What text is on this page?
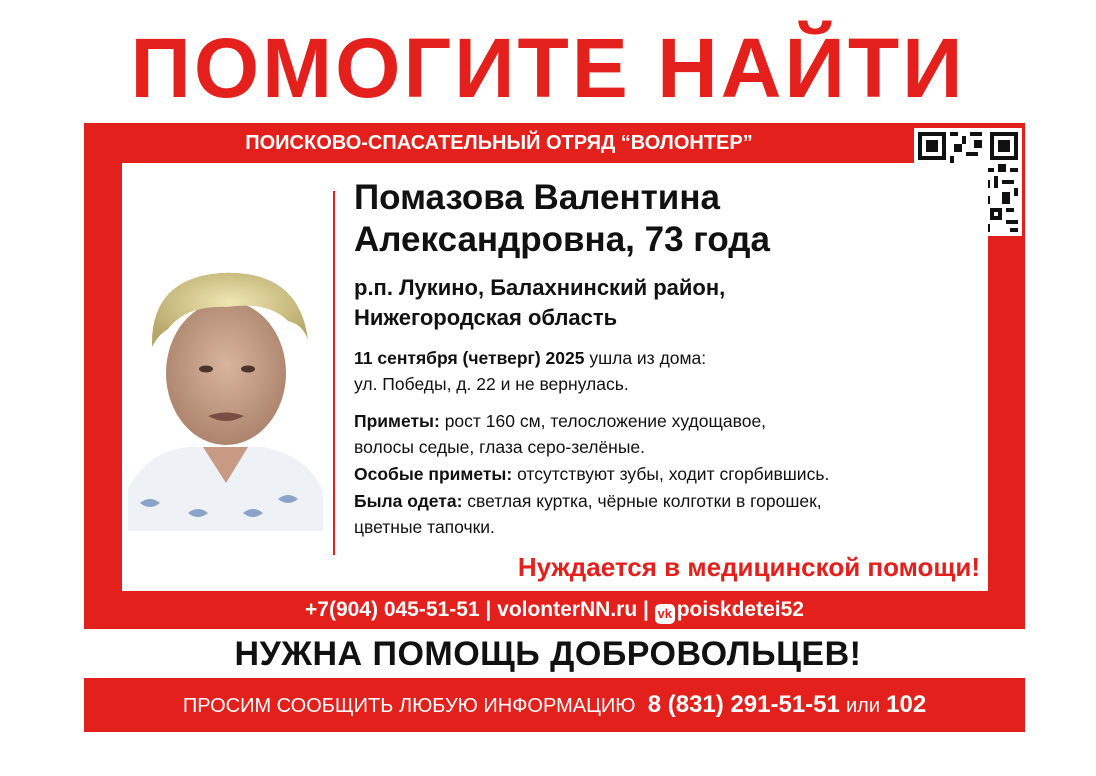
ПОМОГИТЕ НАЙТИ
ПОИСКОВО-СПАСАТЕЛЬНЫЙ ОТРЯД “ВОЛОНТЕР”
Помазова Валентина
Александровна, 73 года
р.п. Лукино, Балахнинский район,
Нижегородская область
11 сентября (четверг) 2025 ушла из дома:
ул. Победы, д. 22 и не вернулась.
Приметы: рост 160 см, телосложение худощавое,
волосы седые, глаза серо-зелёные.
Особые приметы: отсутствуют зубы, ходит сгорбившись.
Была одета: светлая куртка, чёрные колготки в горошек,
цветные тапочки.
Нуждается в медицинской помощи!
+7(904) 045-51-51 | volonterNN.ru | vk poiskdetei52
НУЖНА ПОМОЩЬ ДОБРОВОЛЬЦЕВ!
ПРОСИМ СООБЩИТЬ ЛЮБУЮ ИНФОРМАЦИЮ 8 (831) 291-51-51 или 102
